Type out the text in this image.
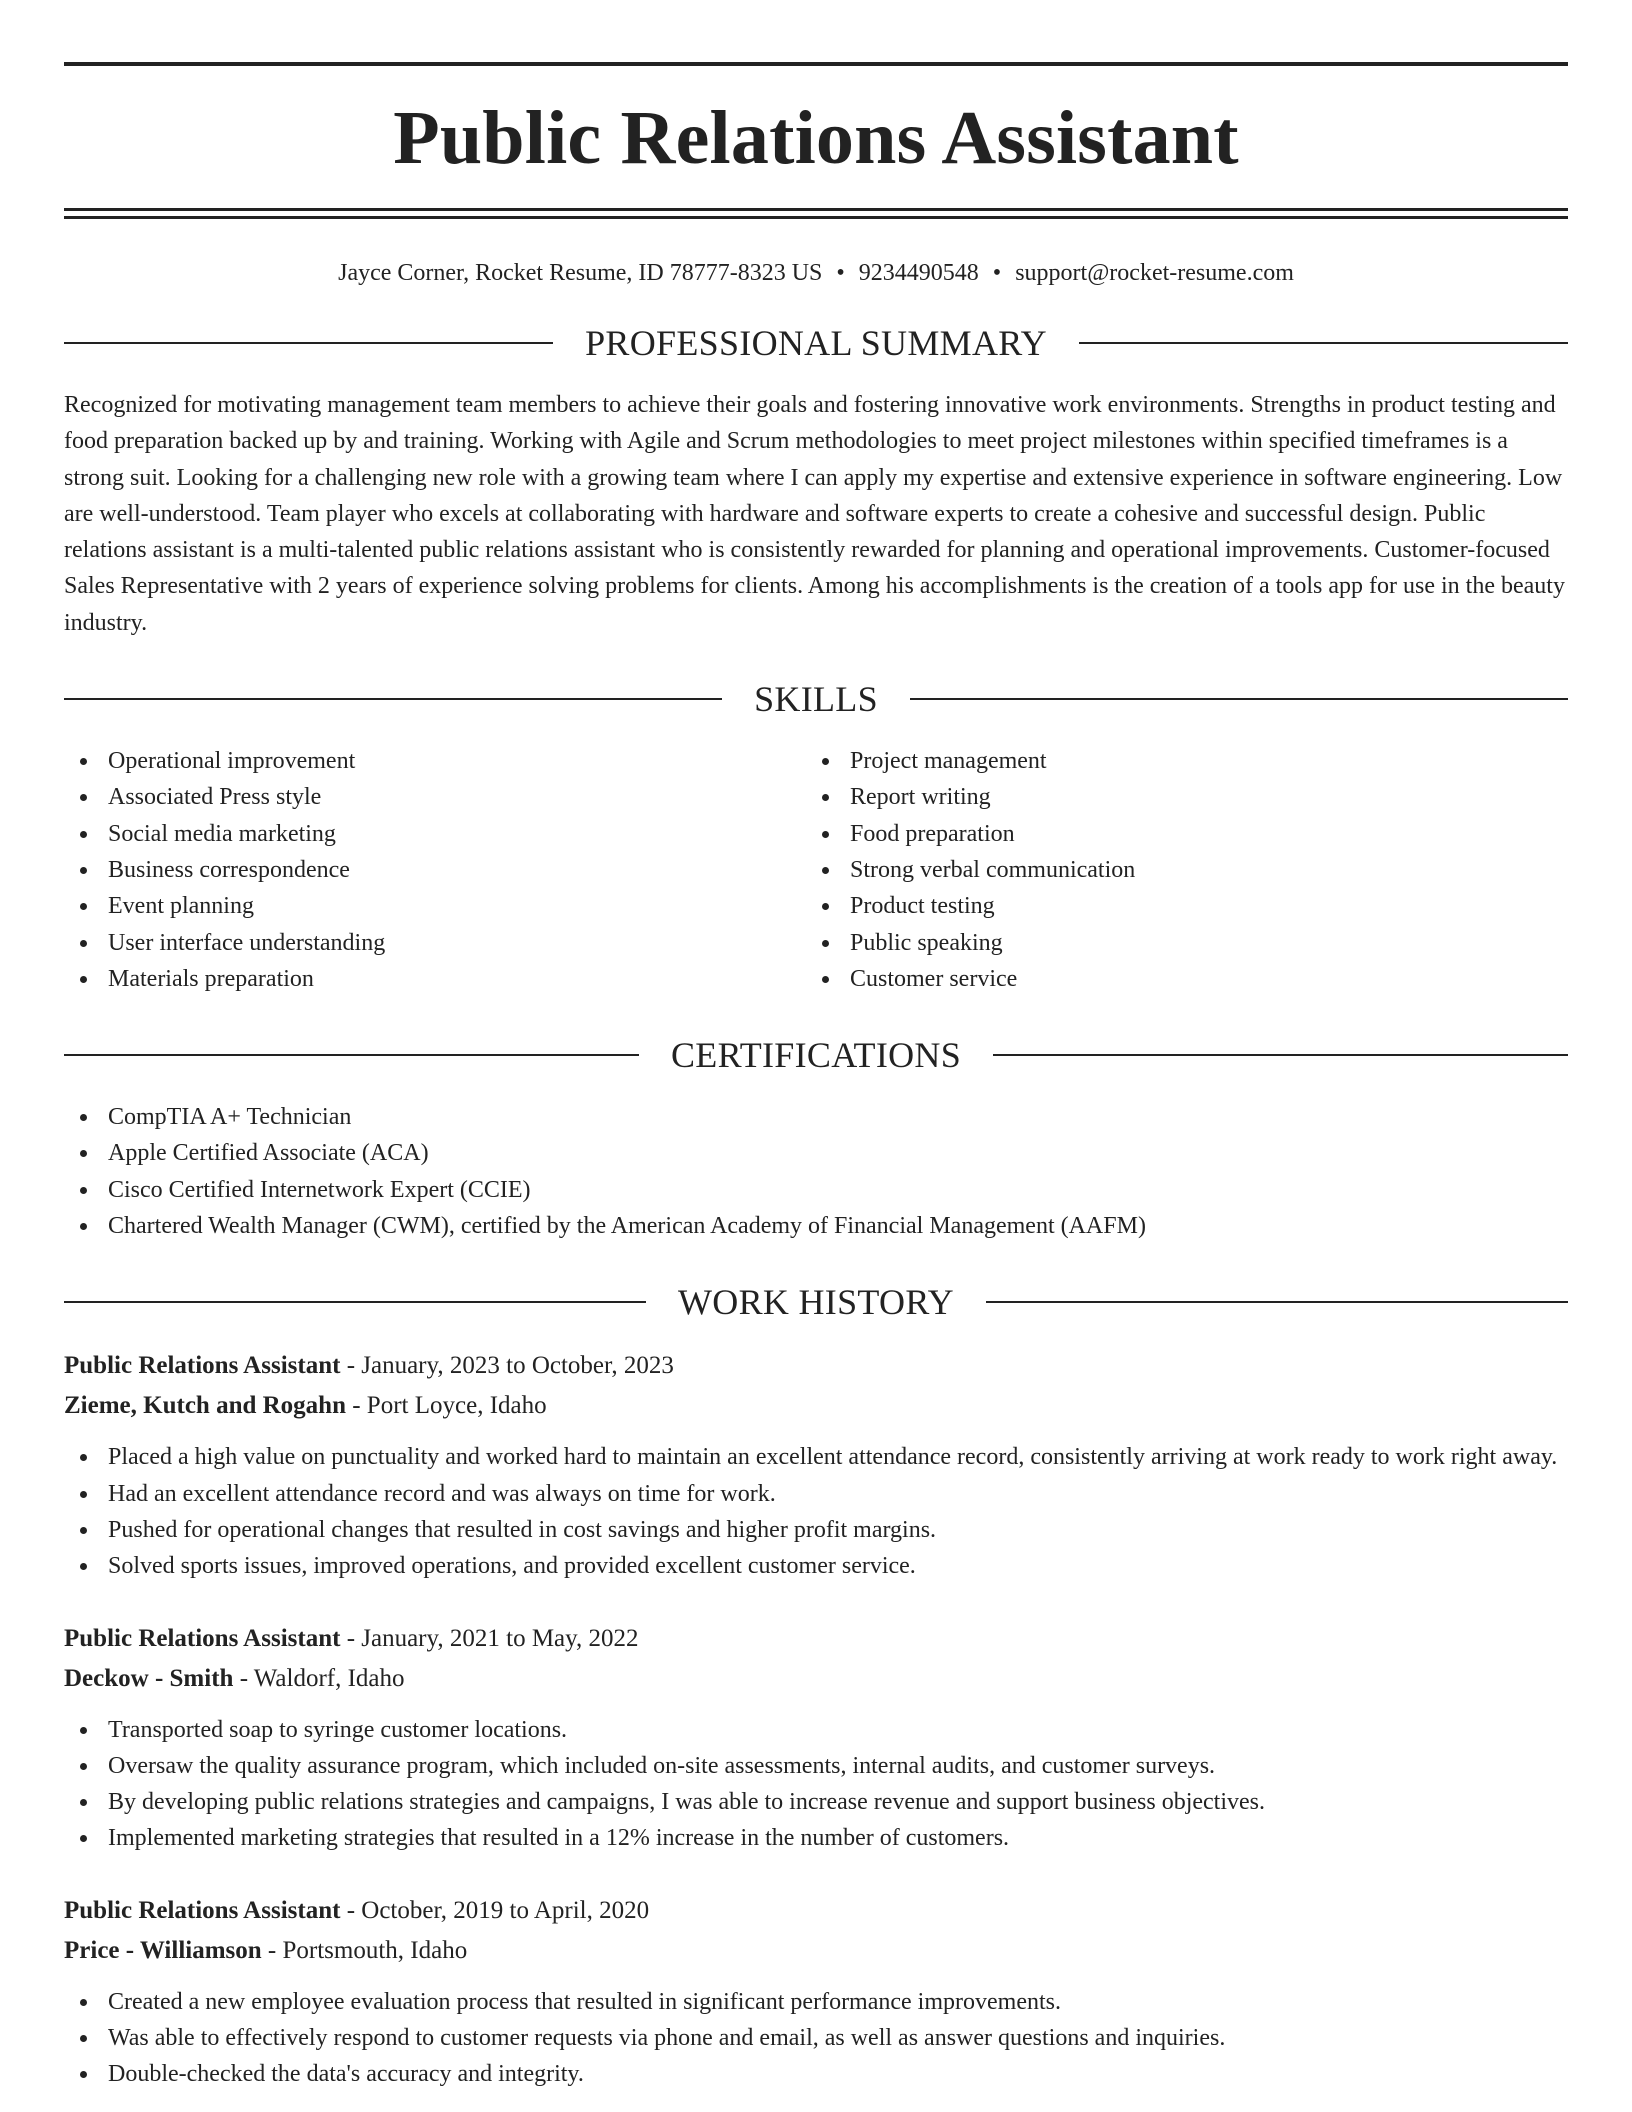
Public Relations Assistant
Jayce Corner, Rocket Resume, ID 78777-8323 US • 9234490548 • support@rocket-resume.com
PROFESSIONAL SUMMARY

Recognized for motivating management team members to achieve their goals and fostering innovative work environments. Strengths in product testing and food preparation backed up by and training. Working with Agile and Scrum methodologies to meet project milestones within specified timeframes is a strong suit. Looking for a challenging new role with a growing team where I can apply my expertise and extensive experience in software engineering. Low are well-understood. Team player who excels at collaborating with hardware and software experts to create a cohesive and successful design. Public relations assistant is a multi-talented public relations assistant who is consistently rewarded for planning and operational improvements. Customer-focused Sales Representative with 2 years of experience solving problems for clients. Among his accomplishments is the creation of a tools app for use in the beauty industry.

SKILLS
Operational improvement
Associated Press style
Social media marketing
Business correspondence
Event planning
User interface understanding
Materials preparation
Project management
Report writing
Food preparation
Strong verbal communication
Product testing
Public speaking
Customer service
CERTIFICATIONS
CompTIA A+ Technician
Apple Certified Associate (ACA)
Cisco Certified Internetwork Expert (CCIE)
Chartered Wealth Manager (CWM), certified by the American Academy of Financial Management (AAFM)
WORK HISTORY
Public Relations Assistant - January, 2023 to October, 2023
Zieme, Kutch and Rogahn - Port Loyce, Idaho
Placed a high value on punctuality and worked hard to maintain an excellent attendance record, consistently arriving at work ready to work right away.
Had an excellent attendance record and was always on time for work.
Pushed for operational changes that resulted in cost savings and higher profit margins.
Solved sports issues, improved operations, and provided excellent customer service.
Public Relations Assistant - January, 2021 to May, 2022
Deckow - Smith - Waldorf, Idaho
Transported soap to syringe customer locations.
Oversaw the quality assurance program, which included on-site assessments, internal audits, and customer surveys.
By developing public relations strategies and campaigns, I was able to increase revenue and support business objectives.
Implemented marketing strategies that resulted in a 12% increase in the number of customers.
Public Relations Assistant - October, 2019 to April, 2020
Price - Williamson - Portsmouth, Idaho
Created a new employee evaluation process that resulted in significant performance improvements.
Was able to effectively respond to customer requests via phone and email, as well as answer questions and inquiries.
Double-checked the data's accuracy and integrity.
